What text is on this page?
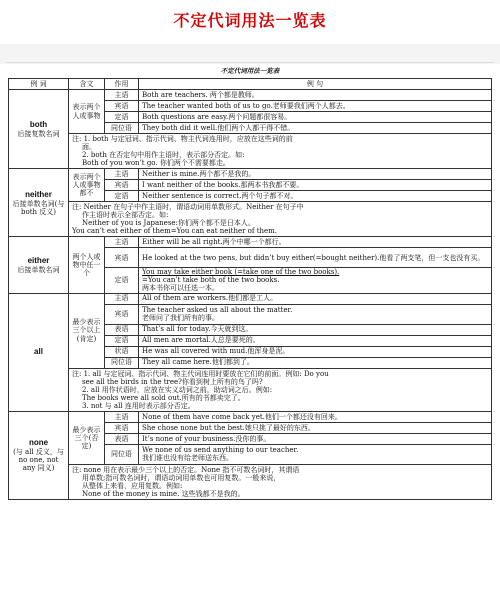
不定代词用法一览表
不定代词用法一览表
例 词	含文	作用	例 句

both
后接复数名词	表示两个人或事物	主语	Both are teachers. 两个都是教师。
		宾语	The teacher wanted both of us to go.老师要我们两个人都去。
		定语	Both questions are easy.两个问题都很容易。
		同位语	They both did it well.他们两个人都干得不错。

	注: 1. both 与定冠词、指示代词、物主代词连用时，应放在这些词的前
面。
2. both 在否定句中用作主语时，表示部分否定。如:
Both of you won’t go. 你们两个不需要都走。		

neither
后接单数名词(与 both 反义)	表示两个人或事物都不	主语	Neither is mine.两个都不是我的。
		宾语	I want neither of the books.那两本书我都不要。
		定语	Neither sentence is correct.两个句子都不对。

	注: Neither 在句子中作主语时，谓语动词用单数形式。Neither 在句子中
作主语时表示全部否定。如:
Neither of you is Japanese:你们两个都不是日本人。
You can’t eat either of them=You can eat neither of them.		

either
后接单数名词	两个人或物中任一个	主语	Either will be all right.两个中哪一个都行。
		宾语	He looked at the two pens, but didn’t buy either(=bought neither).他看了两支笔，但一支也没有买。
		定语	You may take either book (=take one of the two books).
=You can’t take both of the two books.
两本书你可以任选一本。

all	最少表示三个以上(肯定)	主语	All of them are workers.他们都是工人。
		宾语	The teacher asked us all about the matter.
老师问了我们所有的事。

		表语	That’s all for today.今天就到这。
		定语	All men are mortal.人总是要死的。
		状语	He was all covered with mud.他浑身是泥。
		同位语	They all came here.他们都到了。

	注: 1. all 与定冠词、指示代词、物主代词连用时要放在它们的前面。例如: Do you
see all the birds in the tree?你看到树上所有的鸟了吗?
2. all 用作状语时，应放在实义动词之前，助动词之后。例如:
The books were all sold out.所有的书都卖完了。
3. not 与 all 连用时表示部分否定。		

none
(与 all 反义，与 no one, not any 同义)	最少表示三个(否定)	主语	None of them have come back yet.他们一个都还没有回来。
		宾语	She chose none but the best.她只挑了最好的东西。
		表语	It’s none of your business.没你的事。
		同位语	We none of us send anything to our teacher.
我们谁也没有给老师送东西。

	注: none 用在表示最少三个以上的否定。None 指不可数名词时，其谓语
用单数;指可数名词时，谓语动词用单数也可用复数。一般来说，
从整体上来看，应用复数。例如:
None of the money is mine. 这些钱都不是我的。		
